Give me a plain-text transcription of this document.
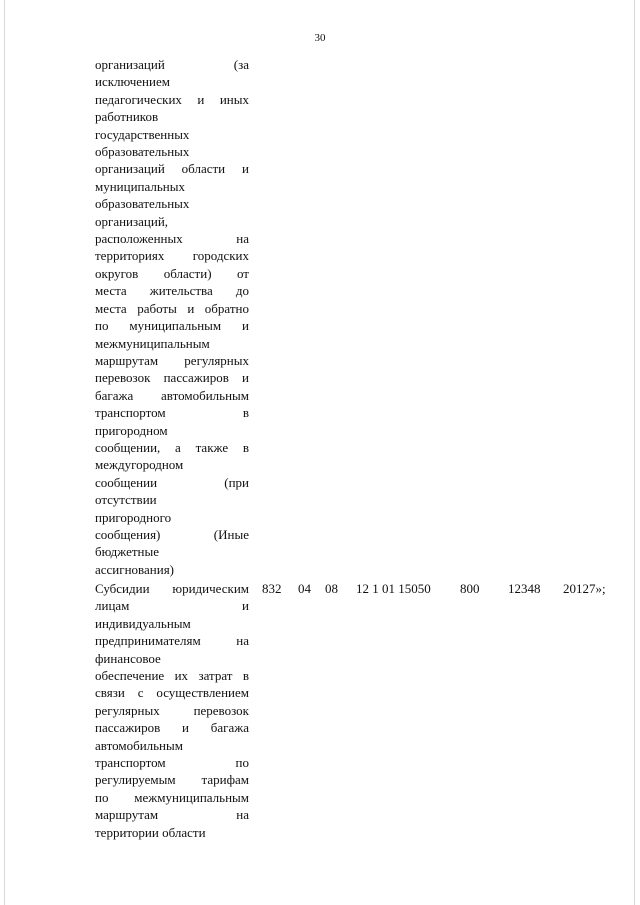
30
организаций (за
исключением
педагогических и иных
работников
государственных
образовательных
организаций области и
муниципальных
образовательных
организаций,
расположенных на
территориях городских
округов области) от
места жительства до
места работы и обратно
по муниципальным и
межмуниципальным
маршрутам регулярных
перевозок пассажиров и
багажа автомобильным
транспортом в
пригородном
сообщении, а также в
междугородном
сообщении (при
отсутствии
пригородного
сообщения) (Иные
бюджетные
ассигнования)
Субсидии юридическим
лицам и
индивидуальным
предпринимателям на
финансовое
обеспечение их затрат в
связи с осуществлением
регулярных перевозок
пассажиров и багажа
автомобильным
транспортом по
регулируемым тарифам
по межмуниципальным
маршрутам на
территории области
832 04 08 12 1 01 15050 800 12348 20127»;
